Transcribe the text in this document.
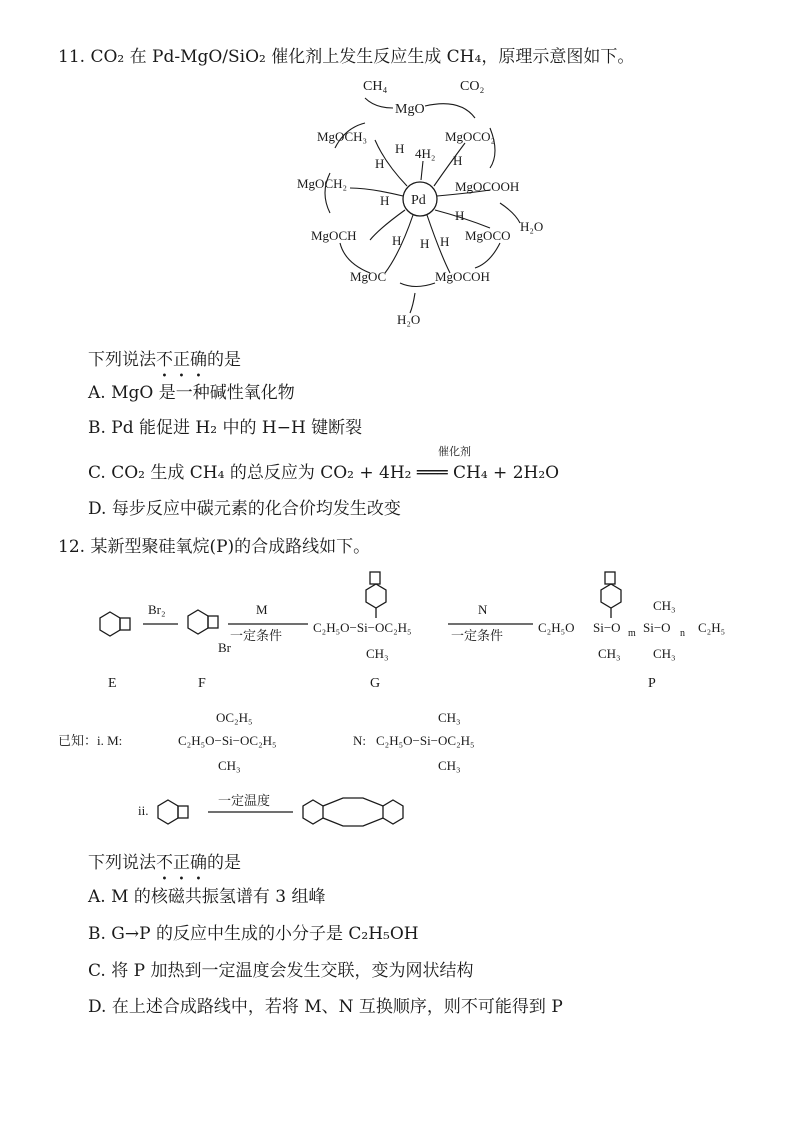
11. CO₂ 在 Pd-MgO/SiO₂ 催化剂上发生反应生成 CH₄，原理示意图如下。
Pd
4H₂
CH₄
MgO
CO₂
MgOCH₃
MgOCH₂
MgOCH
MgOC	MgOCOH
MgOCO
MgOCOOH
MgOCO₂
H
H
H
H
H
H H H
H₂O
H₂O
下列说法不正确的是
A. MgO 是一种碱性氧化物
B. Pd 能促进 H₂ 中的 H−H 键断裂
C. CO₂ 生成 CH₄ 的总反应为 CO₂ + 4H₂ ═══ CH₄ + 2H₂O
催化剂
D. 每步反应中碳元素的化合价均发生改变
12. 某新型聚硅氧烷(P)的合成路线如下。
Br₂
Br
M
一定条件
C₂H₅O−Si−OC₂H₅
CH₃
N
一定条件
C₂H₅O Si−O m
CH₃
Si−O n C₂H₅
CH₃ CH₃
E	F	G	P
已知：i. M:
OC₂H₅
C₂H₅O−Si−OC₂H₅
CH₃
N:
CH₃
C₂H₅O−Si−OC₂H₅
CH₃
ii.
一定温度
下列说法不正确的是
A. M 的核磁共振氢谱有 3 组峰
B. G→P 的反应中生成的小分子是 C₂H₅OH
C. 将 P 加热到一定温度会发生交联，变为网状结构
D. 在上述合成路线中，若将 M、N 互换顺序，则不可能得到 P
